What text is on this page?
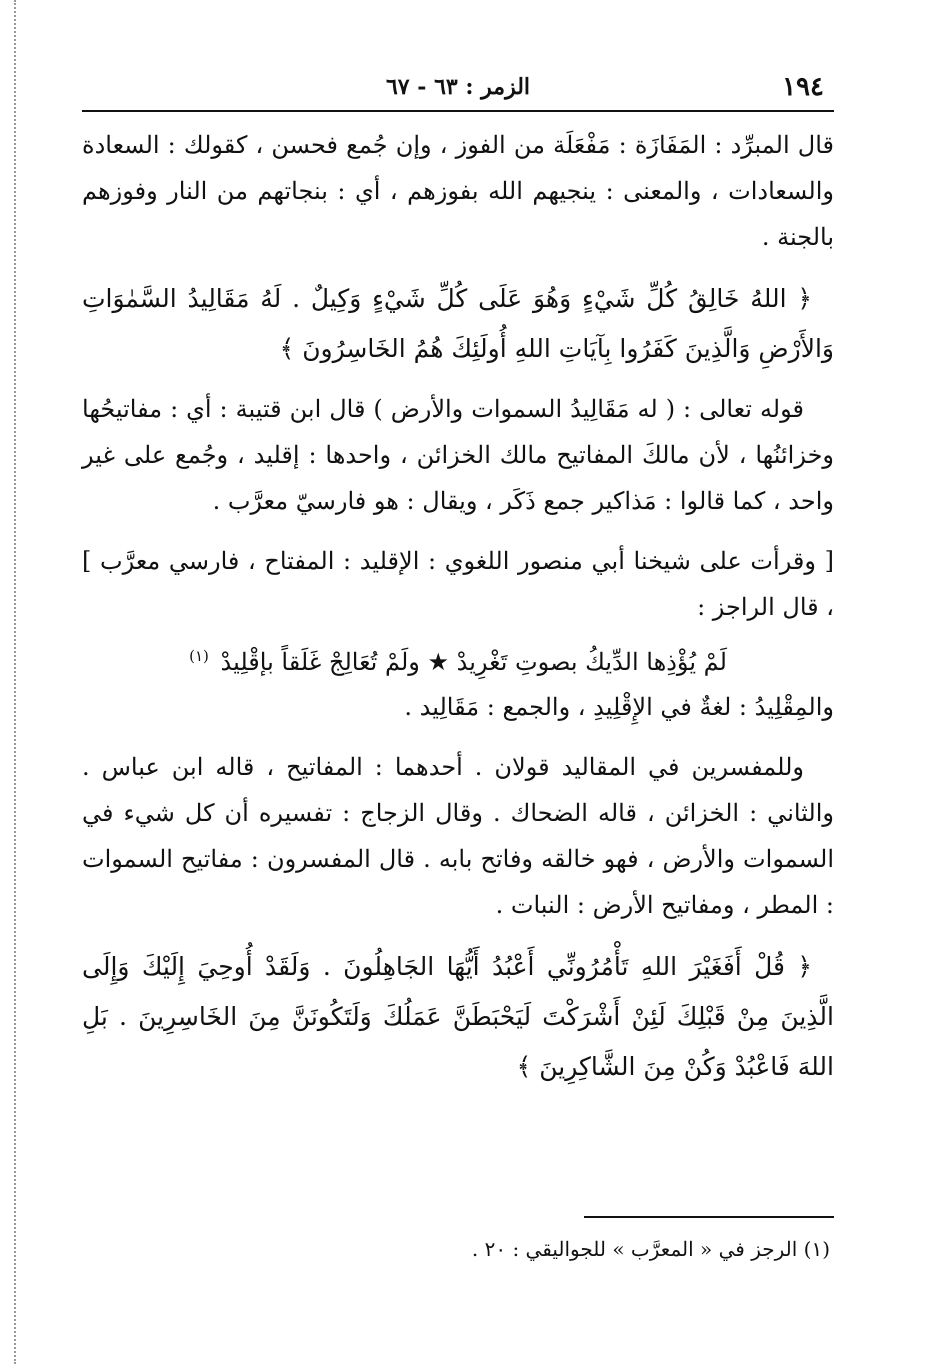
١٩٤
الزمر : ٦٣ - ٦٧

قال المبرِّد : المَفَازَة : مَفْعَلَة من الفوز ، وإن جُمع فحسن ، كقولك : السعادة والسعادات ، والمعنى : ينجيهم الله بفوزهم ، أي : بنجاتهم من النار وفوزهم بالجنة .

﴿ اللهُ خَالِقُ كُلِّ شَيْءٍ وَهُوَ عَلَى كُلِّ شَيْءٍ وَكِيلٌ . لَهُ مَقَالِيدُ السَّمٰوَاتِ وَالأَرْضِ وَالَّذِينَ كَفَرُوا بِآيَاتِ اللهِ أُولَئِكَ هُمُ الخَاسِرُونَ ﴾

قوله تعالى : ( له مَقَالِيدُ السموات والأرض ) قال ابن قتيبة : أي : مفاتيحُها وخزائنُها ، لأن مالكَ المفاتيح مالك الخزائن ، واحدها : إقليد ، وجُمع على غير واحد ، كما قالوا : مَذاكير جمع ذَكَر ، ويقال : هو فارسيّ معرَّب .

[ وقرأت على شيخنا أبي منصور اللغوي : الإقليد : المفتاح ، فارسي معرَّب ] ، قال الراجز :

لَمْ يُؤْذِها الدِّيكُ بصوتِ تَغْرِيدْ ★ ولَمْ تُعَالِجْ غَلَقاً بإقْلِيدْ $^{(١)}$

والمِقْلِيدُ : لغةٌ في الإِقْلِيدِ ، والجمع : مَقَالِيد .

وللمفسرين في المقاليد قولان . أحدهما : المفاتيح ، قاله ابن عباس . والثاني : الخزائن ، قاله الضحاك . وقال الزجاج : تفسيره أن كل شيء في السموات والأرض ، فهو خالقه وفاتح بابه . قال المفسرون : مفاتيح السموات : المطر ، ومفاتيح الأرض : النبات .

﴿ قُلْ أَفَغَيْرَ اللهِ تَأْمُرُونِّي أَعْبُدُ أَيُّهَا الجَاهِلُونَ . وَلَقَدْ أُوحِيَ إِلَيْكَ وَإِلَى الَّذِينَ مِنْ قَبْلِكَ لَئِنْ أَشْرَكْتَ لَيَحْبَطَنَّ عَمَلُكَ وَلَتَكُونَنَّ مِنَ الخَاسِرِينَ . بَلِ اللهَ فَاعْبُدْ وَكُنْ مِنَ الشَّاكِرِينَ ﴾

(١) الرجز في « المعرَّب » للجواليقي : ٢٠ .
